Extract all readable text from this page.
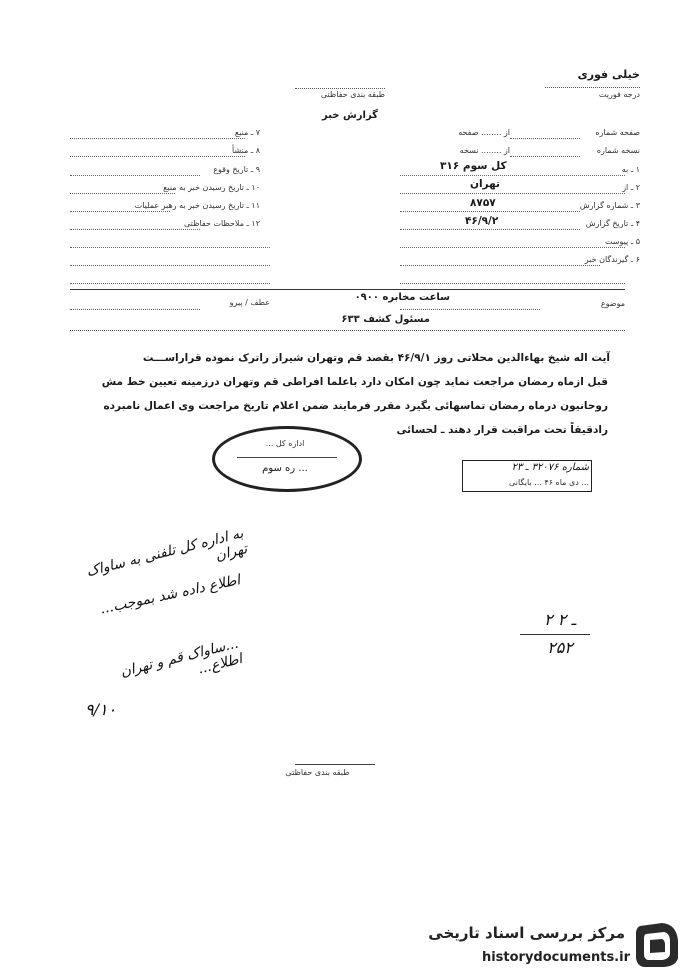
خیلی فوری
درجه فوریت
طبقه بندی حفاظتی
گزارش خبر
صفحه شماره
از ........ صفحه
نسخه شماره
از ........ نسخه
۱ ـ به
کل سوم ۳۱۶
۲ ـ از
تهران
۳ ـ شماره گزارش
۸۷۵۷
۴ ـ تاریخ گزارش
۴۶/۹/۲
۵ ـ پیوست
۶ ـ گیرندگان خبر
۷ ـ منبع
۸ ـ منشأ
۹ ـ تاریخ وقوع
۱۰ ـ تاریخ رسیدن خبر به منبع
۱۱ ـ تاریخ رسیدن خبر به رهبر عملیات
۱۲ ـ ملاحظات حفاظتی
موضوع
ساعت مخابره ۰۹۰۰
عطف / پیرو
مسئول کشف ۶۳۳
آیت اله شیخ بهاءالدین محلاتی روز ۴۶/۹/۱ بقصد قم وتهران شیراز راترک نموده قراراســـت
قبل ازماه رمضان مراجعت نماید چون امکان دارد باعلما افراطی قم وتهران درزمینه تعیین خط مش
روحانیون درماه رمضان تماسهائی بگیرد مقرر فرمایند ضمن اعلام تاریخ مراجعت وی اعمال نامبرده
رادقیقاً تحت مراقبت قرار دهند ـ لحسائی
اداره کل ...
... ره سوم	شماره ۳۲۰۷۶ ـ ۲۳
... دی ماه ۴۶ ... بایگانی
به اداره کل تلفنی به ساواک تهران
اطلاع داده شد بموجب...
...ساواک قم و تهران اطلاع...
۹/۱۰
۲ ـ ۲
۲۵۲
طبقه بندی حفاظتی
مرکز بررسی اسناد تاریخی
historydocuments.ir
